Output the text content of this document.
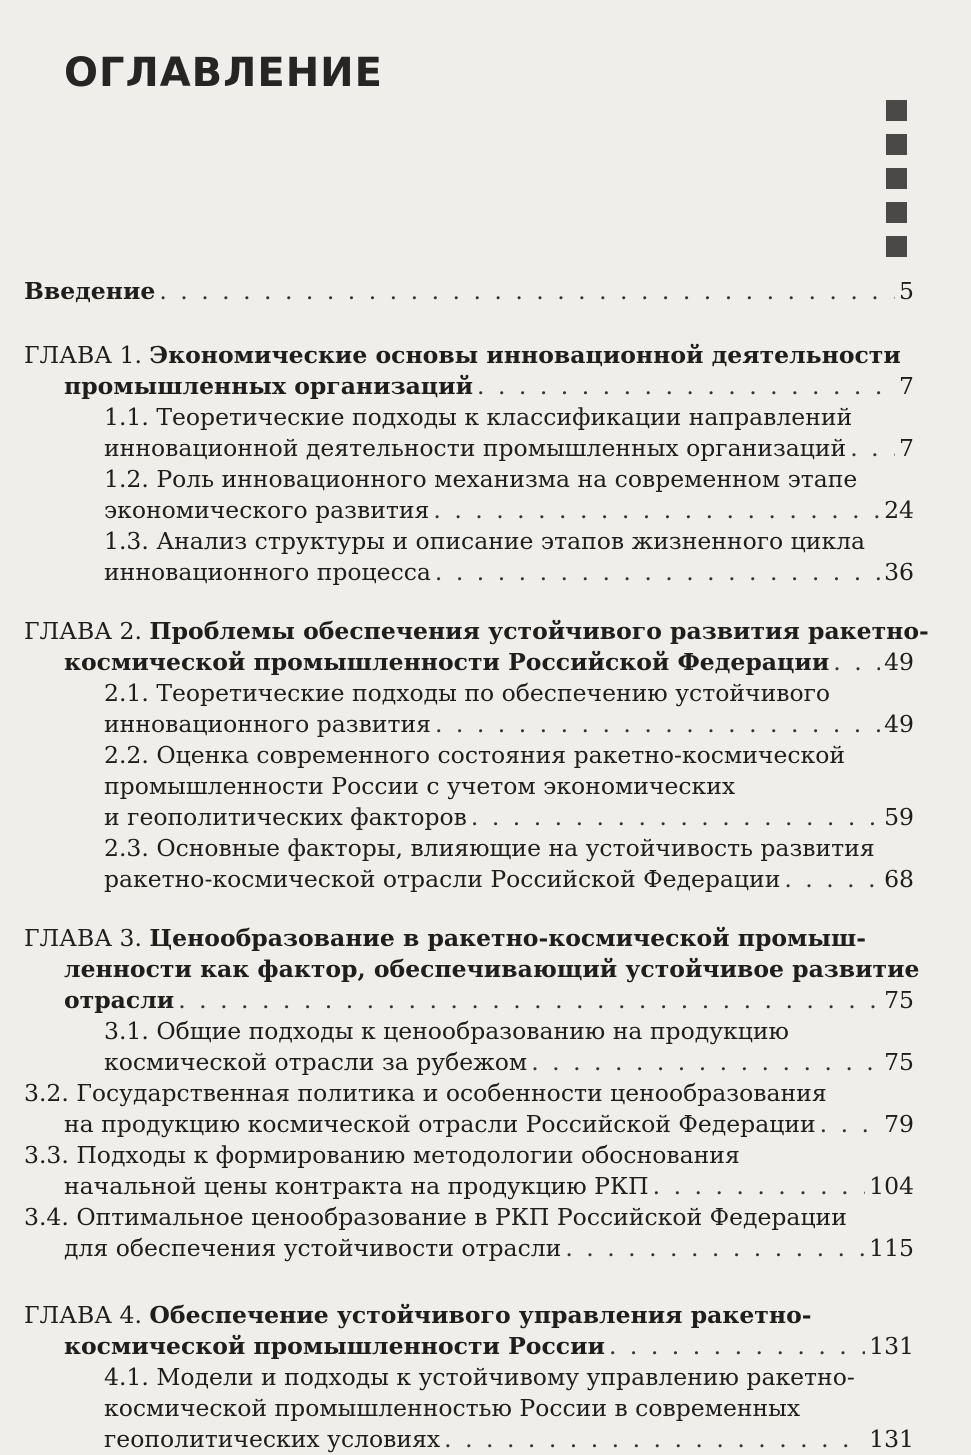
ОГЛАВЛЕНИЕ
Введение . . .	5
ГЛАВА 1. Экономические основы инновационной деятельности
промышленных организаций . . .	7
1.1. Теоретические подходы к классификации направлений
инновационной деятельности промышленных организаций . . . 7
1.2. Роль инновационного механизма на современном этапе
экономического развития . . .	24
1.3. Анализ структуры и описание этапов жизненного цикла
инновационного процесса . . .	36
ГЛАВА 2. Проблемы обеспечения устойчивого развития ракетно-
космической промышленности Российской Федерации . . . 49
2.1. Теоретические подходы по обеспечению устойчивого
инновационного развития . . .	49
2.2. Оценка современного состояния ракетно-космической
промышленности России с учетом экономических
и геополитических факторов . . .	59
2.3. Основные факторы, влияющие на устойчивость развития
ракетно-космической отрасли Российской Федерации . . .	68
ГЛАВА 3. Ценообразование в ракетно-космической промыш-
ленности как фактор, обеспечивающий устойчивое развитие
отрасли . . .	75
3.1. Общие подходы к ценообразованию на продукцию
космической отрасли за рубежом . . .	75
3.2. Государственная политика и особенности ценообразования
на продукцию космической отрасли Российской Федерации . . .	79
3.3. Подходы к формированию методологии обоснования
начальной цены контракта на продукцию РКП . . .	104
3.4. Оптимальное ценообразование в РКП Российской Федерации
для обеспечения устойчивости отрасли . . .	115
ГЛАВА 4. Обеспечение устойчивого управления ракетно-
космической промышленности России . . .	131
4.1. Модели и подходы к устойчивому управлению ракетно-
космической промышленностью России в современных
геополитических условиях . . .	131
